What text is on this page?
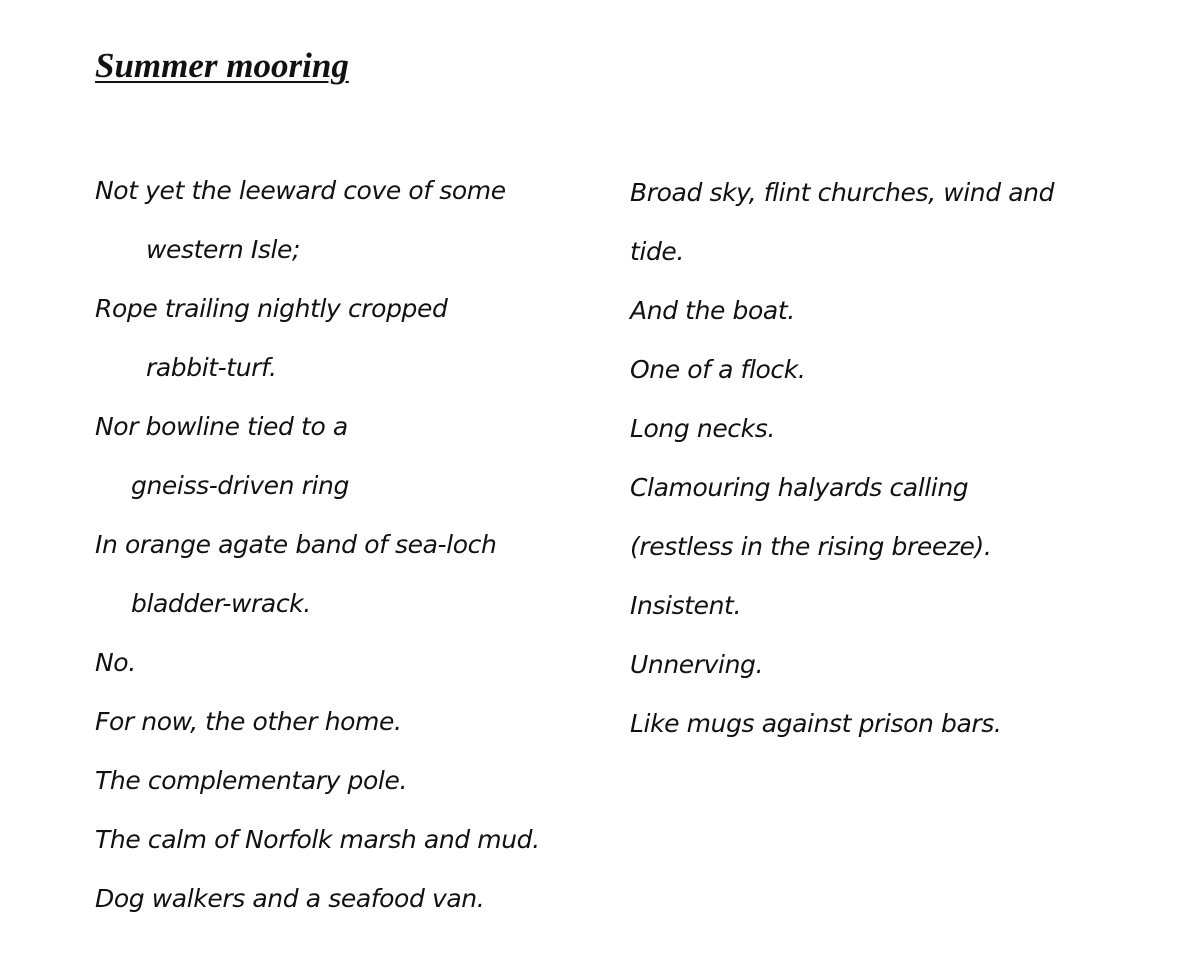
Summer mooring
Not yet the leeward cove of some
western Isle;
Rope trailing nightly cropped
rabbit-turf.
Nor bowline tied to a
gneiss-driven ring
In orange agate band of sea-loch
bladder-wrack.
No.
For now, the other home.
The complementary pole.
The calm of Norfolk marsh and mud.
Dog walkers and a seafood van.
Broad sky, flint churches, wind and
tide.
And the boat.
One of a flock.
Long necks.
Clamouring halyards calling
(restless in the rising breeze).
Insistent.
Unnerving.
Like mugs against prison bars.
